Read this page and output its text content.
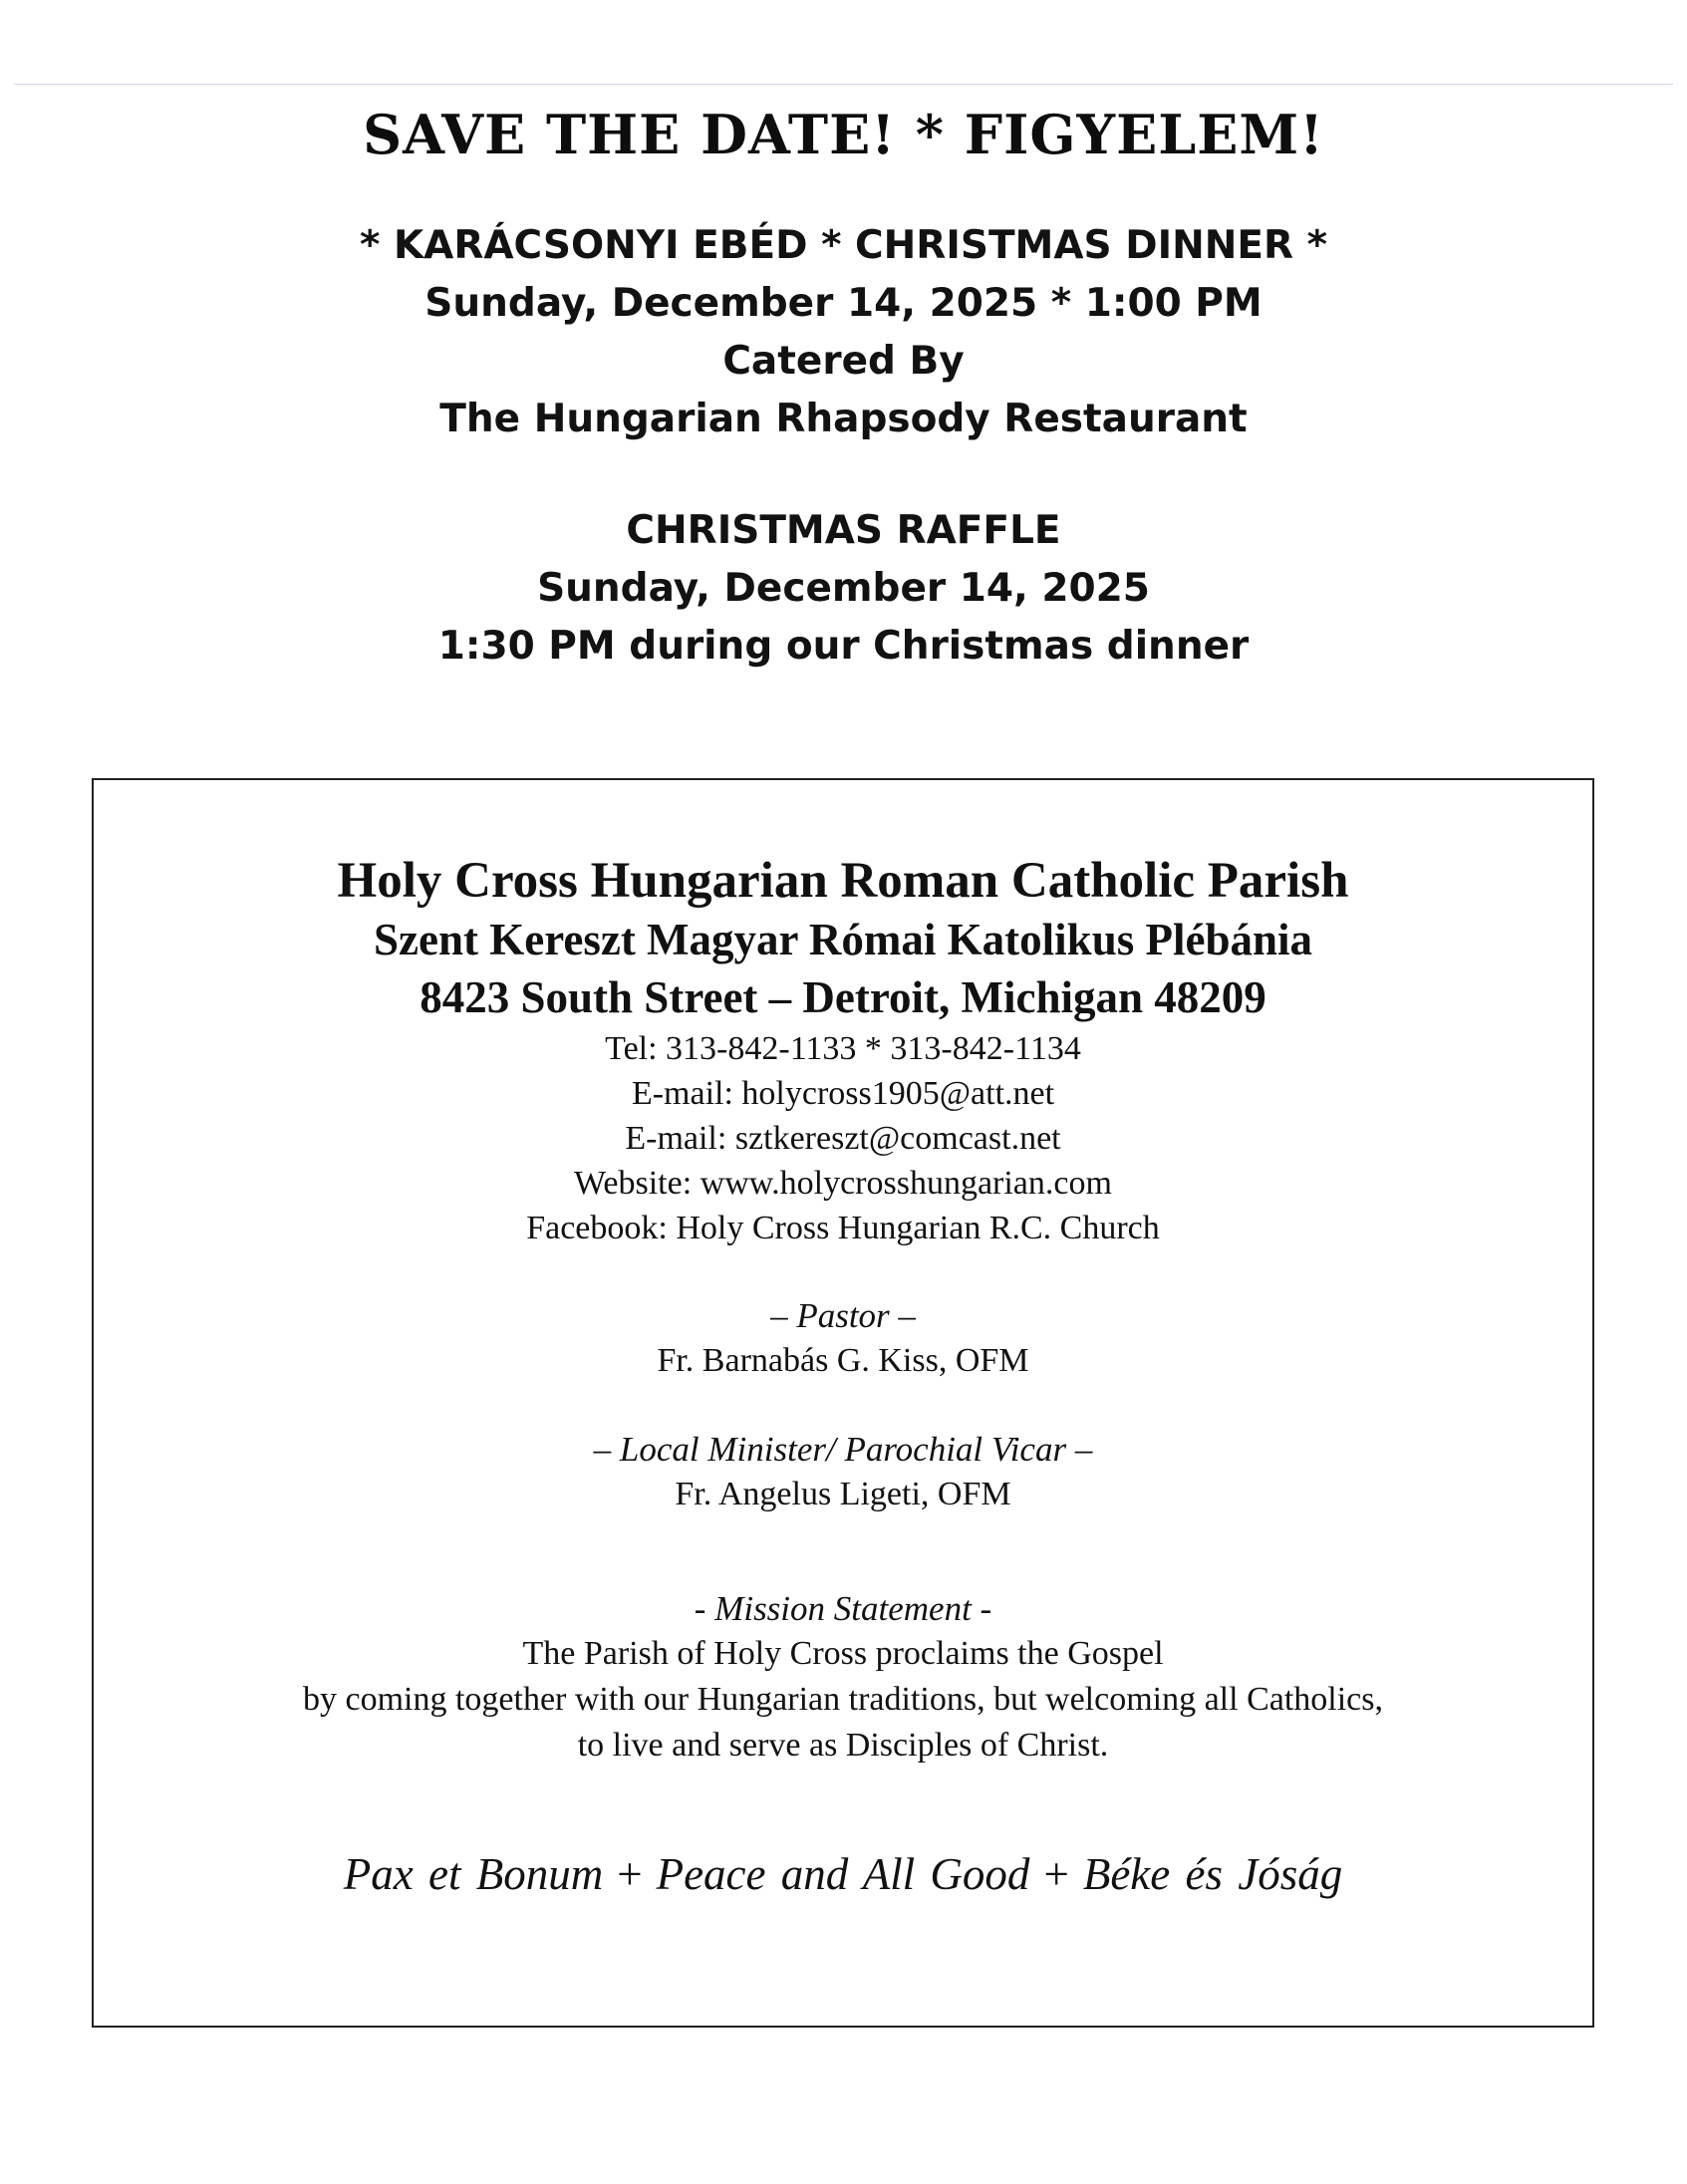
SAVE THE DATE! * FIGYELEM!
* KARÁCSONYI EBÉD * CHRISTMAS DINNER *
Sunday, December 14, 2025 * 1:00 PM
Catered By
The Hungarian Rhapsody Restaurant
CHRISTMAS RAFFLE
Sunday, December 14, 2025
1:30 PM during our Christmas dinner
Holy Cross Hungarian Roman Catholic Parish
Szent Kereszt Magyar Római Katolikus Plébánia
8423 South Street – Detroit, Michigan 48209
Tel: 313-842-1133 * 313-842-1134
E-mail: holycross1905@att.net
E-mail: sztkereszt@comcast.net
Website: www.holycrosshungarian.com
Facebook: Holy Cross Hungarian R.C. Church
– Pastor –
Fr. Barnabás G. Kiss, OFM
– Local Minister/ Parochial Vicar –
Fr. Angelus Ligeti, OFM
- Mission Statement -
The Parish of Holy Cross proclaims the Gospel
by coming together with our Hungarian traditions, but welcoming all Catholics,
to live and serve as Disciples of Christ.
Pax et Bonum + Peace and All Good + Béke és Jóság
